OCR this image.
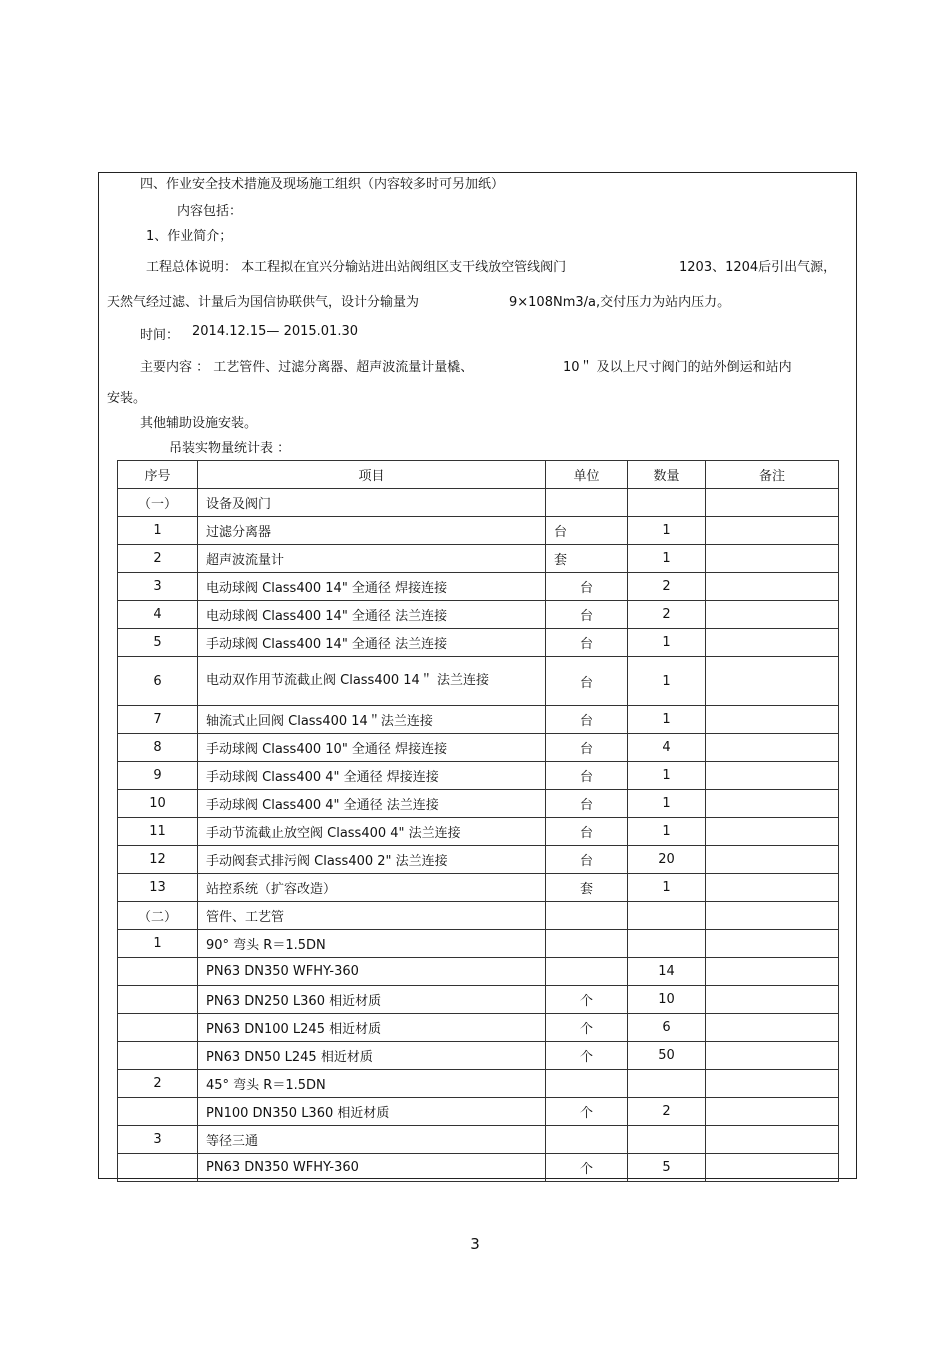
四、作业安全技术措施及现场施工组织（内容较多时可另加纸）
内容包括：
1、作业简介；
工程总体说明： 本工程拟在宜兴分输站进出站阀组区支干线放空管线阀门	1203、1204后引出气源，
天然气经过滤、计量后为国信协联供气，设计分输量为	9×108Nm3/a,交付压力为站内压力。
时间： 2014.12.15— 2015.01.30
主要内容 ： 工艺管件、过滤分离器、超声波流量计量橇、	10＂ 及以上尺寸阀门的站外倒运和站内
安装。
其他辅助设施安装。
吊装实物量统计表 ：
序号	项目	单位	数量	备注
（一）	设备及阀门			
1	过滤分离器	台	1	
2	超声波流量计	套	1	
3	电动球阀 Class400 14" 全通径 焊接连接	台	2	
4	电动球阀 Class400 14" 全通径 法兰连接	台	2	
5	手动球阀 Class400 14" 全通径 法兰连接	台	1	
6	电动双作用节流截止阀 Class400 14＂ 法兰连接	台	1	
7	轴流式止回阀 Class400 14＂法兰连接	台	1	
8	手动球阀 Class400 10" 全通径 焊接连接	台	4	
9	手动球阀 Class400 4" 全通径 焊接连接	台	1	
10	手动球阀 Class400 4" 全通径 法兰连接	台	1	
11	手动节流截止放空阀 Class400 4" 法兰连接	台	1	
12	手动阀套式排污阀 Class400 2" 法兰连接	台	20	
13	站控系统（扩容改造）	套	1	
（二）	管件、工艺管			
1	90° 弯头 R＝1.5DN			
	PN63 DN350 WFHY-360		14	
	PN63 DN250 L360 相近材质	个	10	
	PN63 DN100 L245 相近材质	个	6	
	PN63 DN50 L245 相近材质	个	50	
2	45° 弯头 R＝1.5DN			
	PN100 DN350 L360 相近材质	个	2	
3	等径三通			
	PN63 DN350 WFHY-360	个	5	
3
